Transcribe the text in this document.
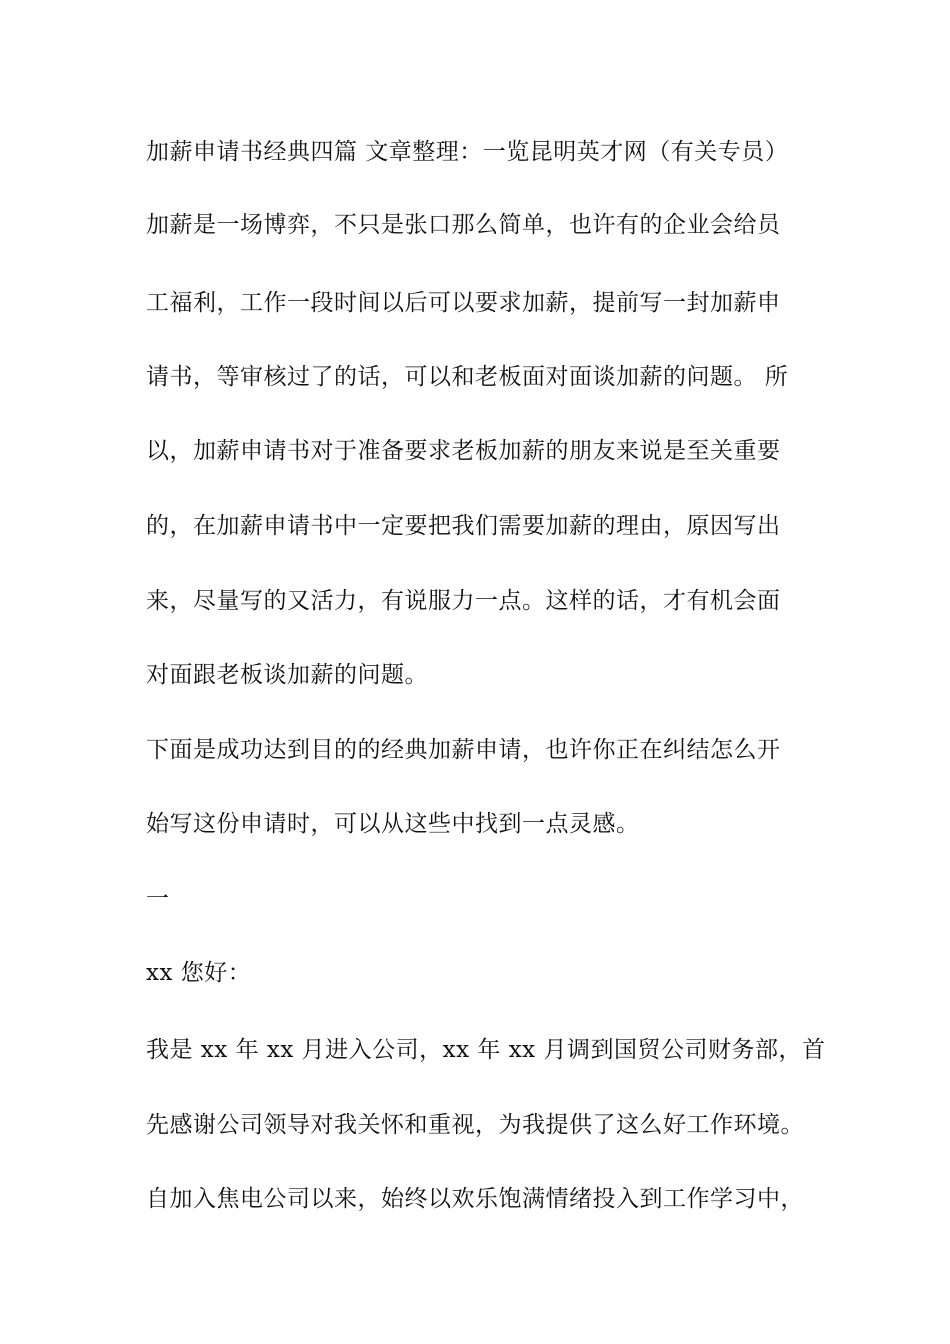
加薪申请书经典四篇 文章整理：一览昆明英才网（有关专员）
加薪是一场博弈，不只是张口那么简单，也许有的企业会给员
工福利，工作一段时间以后可以要求加薪，提前写一封加薪申
请书，等审核过了的话，可以和老板面对面谈加薪的问题。 所
以，加薪申请书对于准备要求老板加薪的朋友来说是至关重要
的，在加薪申请书中一定要把我们需要加薪的理由，原因写出
来，尽量写的又活力，有说服力一点。这样的话，才有机会面
对面跟老板谈加薪的问题。
下面是成功达到目的的经典加薪申请，也许你正在纠结怎么开
始写这份申请时，可以从这些中找到一点灵感。
一
xx 您好：
我是 xx 年 xx 月进入公司，xx 年 xx 月调到国贸公司财务部，首
先感谢公司领导对我关怀和重视，为我提供了这么好工作环境。
自加入焦电公司以来，始终以欢乐饱满情绪投入到工作学习中，
